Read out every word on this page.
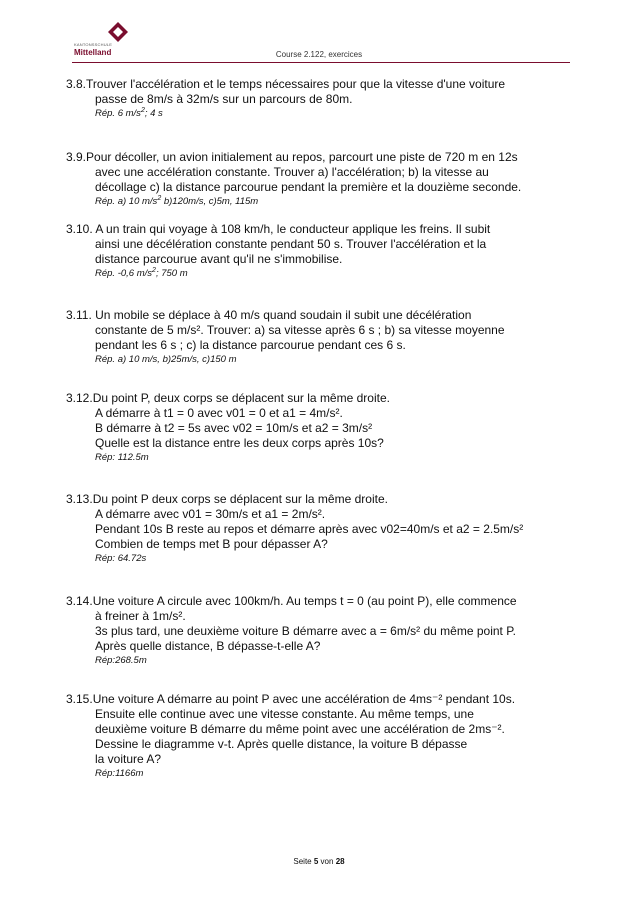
KANTONSSCHULE
Mittelland	Course 2.122, exercices
3.8.Trouver l'accélération et le temps nécessaires pour que la vitesse d'une voiture
passe de 8m/s à 32m/s sur un parcours de 80m.
Rép. 6 $m/s^2$; 4 s
3.9.Pour décoller, un avion initialement au repos, parcourt une piste de 720 m en 12s
avec une accélération constante. Trouver a) l'accélération; b) la vitesse au
décollage c) la distance parcourue pendant la première et la douzième seconde.
Rép. a) 10 $m/s^2$ b)120m/s, c)5m, 115m
3.10. A un train qui voyage à 108 km/h, le conducteur applique les freins. Il subit
ainsi une décélération constante pendant 50 s. Trouver l'accélération et la
distance parcourue avant qu'il ne s'immobilise.
Rép. -0,6 $m/s^2$; 750 m
3.11. Un mobile se déplace à 40 m/s quand soudain il subit une décélération
constante de 5 m/s². Trouver: a) sa vitesse après 6 s ; b) sa vitesse moyenne
pendant les 6 s ; c) la distance parcourue pendant ces 6 s.
Rép. a) 10 m/s, b)25m/s, c)150 m
3.12.Du point P, deux corps se déplacent sur la même droite.
A démarre à t1 = 0 avec v01 = 0 et a1 = 4m/s².
B démarre à t2 = 5s avec v02 = 10m/s et a2 = 3m/s²
Quelle est la distance entre les deux corps après 10s?
Rép: 112.5m
3.13.Du point P deux corps se déplacent sur la même droite.
A démarre avec v01 = 30m/s et a1 = 2m/s².
Pendant 10s B reste au repos et démarre après avec v02=40m/s et a2 = 2.5m/s²
Combien de temps met B pour dépasser A?
Rép: 64.72s
3.14.Une voiture A circule avec 100km/h. Au temps t = 0 (au point P), elle commence
à freiner à 1m/s².
3s plus tard, une deuxième voiture B démarre avec a = 6m/s² du même point P.
Après quelle distance, B dépasse-t-elle A?
Rép:268.5m
3.15.Une voiture A démarre au point P avec une accélération de 4ms⁻² pendant 10s.
Ensuite elle continue avec une vitesse constante. Au même temps, une
deuxième voiture B démarre du même point avec une accélération de 2ms⁻².
Dessine le diagramme v-t. Après quelle distance, la voiture B dépasse
la voiture A?
Rép:1166m
Seite 5 von 28
